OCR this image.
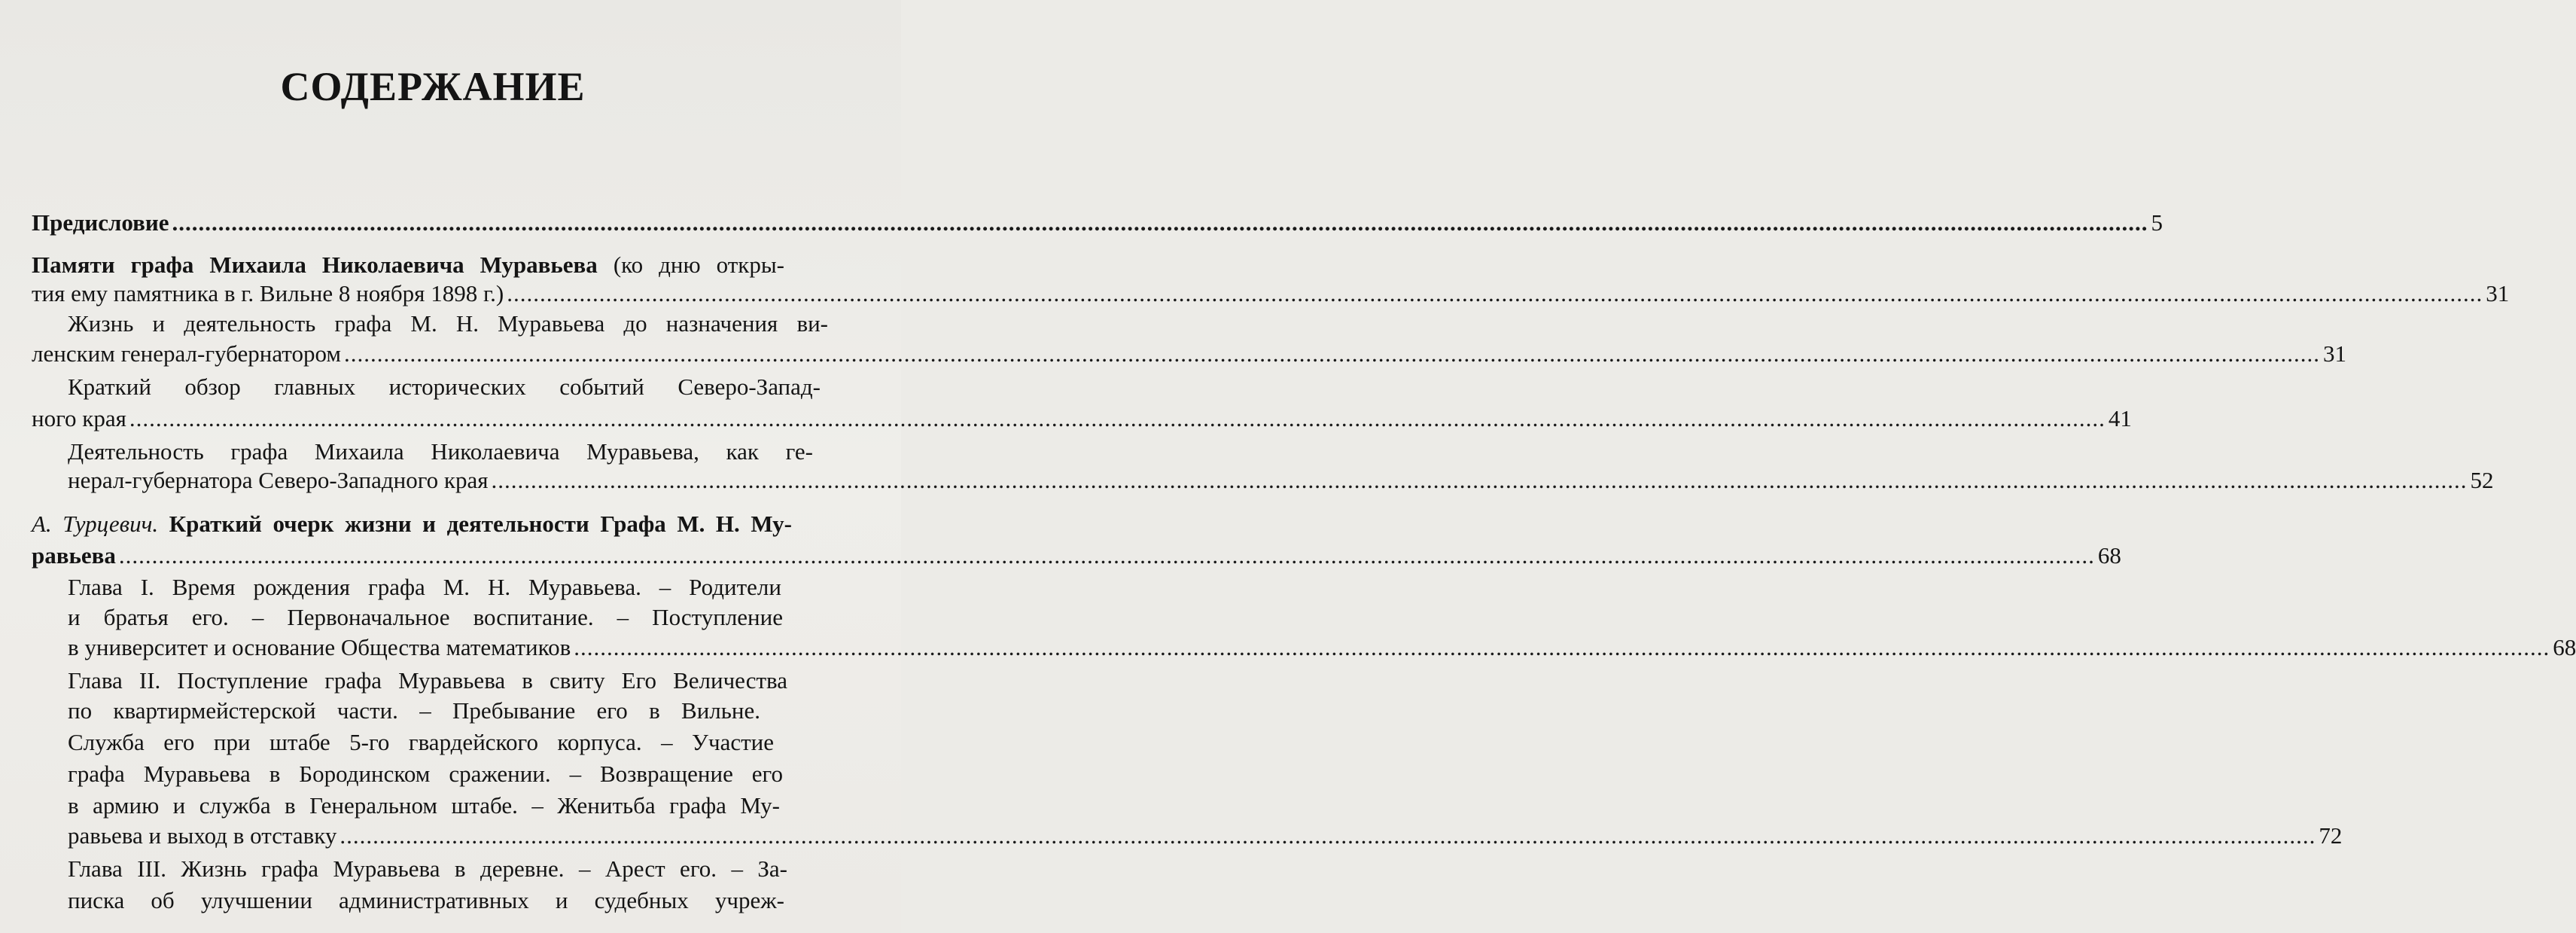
СОДЕРЖАНИЕ
Предисловие ............................................................................................................................................................................................................................................................................................................ 5
Памяти графа Михаила Николаевича Муравьева (ко дню откры-
тия ему памятника в г. Вильне 8 ноября 1898 г.) ............................................................................................................................................................................................................................................................................................................ 31
Жизнь и деятельность графа М. Н. Муравьева до назначения ви-
ленским генерал-губернатором ............................................................................................................................................................................................................................................................................................................ 31
Краткий обзор главных исторических событий Северо-Запад-
ного края ............................................................................................................................................................................................................................................................................................................ 41
Деятельность графа Михаила Николаевича Муравьева, как ге-
нерал-губернатора Северо-Западного края ............................................................................................................................................................................................................................................................................................................ 52
А. Турцевич. Краткий очерк жизни и деятельности Графа М. Н. Му-
равьева ............................................................................................................................................................................................................................................................................................................ 68
Глава I. Время рождения графа М. Н. Муравьева. – Родители
и братья его. – Первоначальное воспитание. – Поступление
в университет и основание Общества математиков ............................................................................................................................................................................................................................................................................................................ 68
Глава II. Поступление графа Муравьева в свиту Его Величества
по квартирмейстерской части. – Пребывание его в Вильне.
Служба его при штабе 5-го гвардейского корпуса. – Участие
графа Муравьева в Бородинском сражении. – Возвращение его
в армию и служба в Генеральном штабе. – Женитьба графа Му-
равьева и выход в отставку ............................................................................................................................................................................................................................................................................................................ 72
Глава III. Жизнь графа Муравьева в деревне. – Арест его. – За-
писка об улучшении административных и судебных учреж-
